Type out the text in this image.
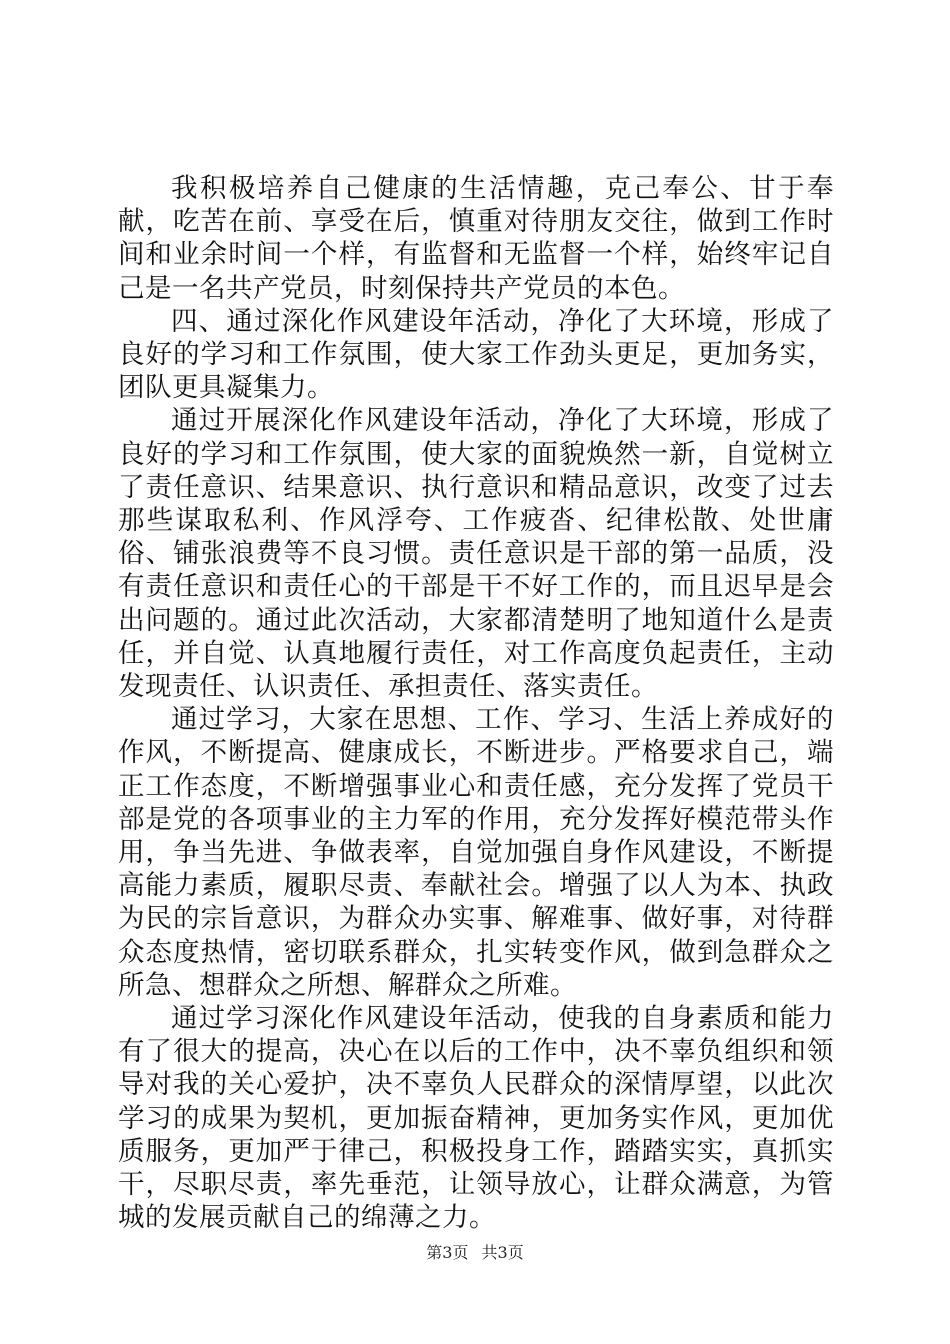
我积极培养自己健康的生活情趣，克己奉公、甘于奉献，吃苦在前、享受在后，慎重对待朋友交往，做到工作时间和业余时间一个样，有监督和无监督一个样，始终牢记自己是一名共产党员，时刻保持共产党员的本色。

四、通过深化作风建设年活动，净化了大环境，形成了良好的学习和工作氛围，使大家工作劲头更足，更加务实，团队更具凝集力。

通过开展深化作风建设年活动，净化了大环境，形成了良好的学习和工作氛围，使大家的面貌焕然一新，自觉树立了责任意识、结果意识、执行意识和精品意识，改变了过去那些谋取私利、作风浮夸、工作疲沓、纪律松散、处世庸俗、铺张浪费等不良习惯。责任意识是干部的第一品质，没有责任意识和责任心的干部是干不好工作的，而且迟早是会出问题的。通过此次活动，大家都清楚明了地知道什么是责任，并自觉、认真地履行责任，对工作高度负起责任，主动发现责任、认识责任、承担责任、落实责任。

通过学习，大家在思想、工作、学习、生活上养成好的作风，不断提高、健康成长，不断进步。严格要求自己，端正工作态度，不断增强事业心和责任感，充分发挥了党员干部是党的各项事业的主力军的作用，充分发挥好模范带头作用，争当先进、争做表率，自觉加强自身作风建设，不断提高能力素质，履职尽责、奉献社会。增强了以人为本、执政为民的宗旨意识，为群众办实事、解难事、做好事，对待群众态度热情，密切联系群众，扎实转变作风，做到急群众之所急、想群众之所想、解群众之所难。

通过学习深化作风建设年活动，使我的自身素质和能力有了很大的提高，决心在以后的工作中，决不辜负组织和领导对我的关心爱护，决不辜负人民群众的深情厚望，以此次学习的成果为契机，更加振奋精神，更加务实作风，更加优质服务，更加严于律己，积极投身工作，踏踏实实，真抓实干，尽职尽责，率先垂范，让领导放心，让群众满意，为管城的发展贡献自己的绵薄之力。

第3页 共3页
